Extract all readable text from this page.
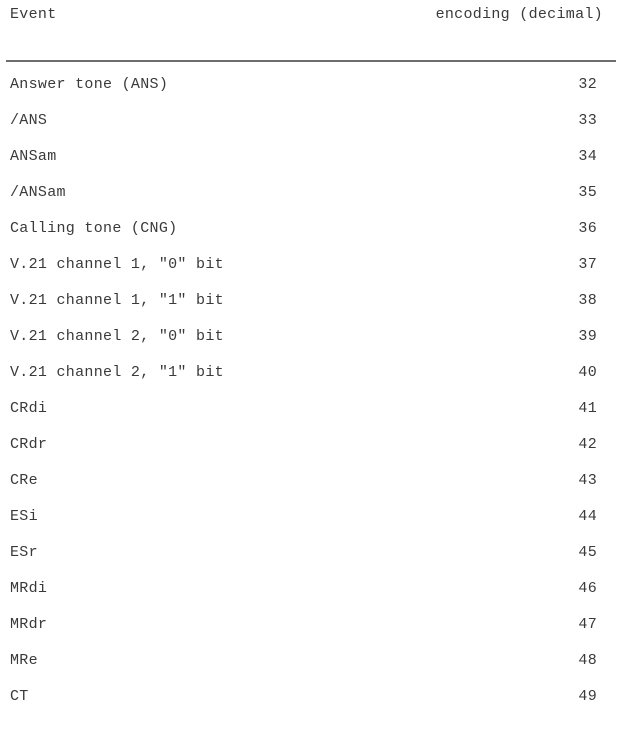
Event	encoding (decimal)
Answer tone (ANS)	32
/ANS	33
ANSam	34
/ANSam	35
Calling tone (CNG)	36
V.21 channel 1, "0" bit	37
V.21 channel 1, "1" bit	38
V.21 channel 2, "0" bit	39
V.21 channel 2, "1" bit	40
CRdi	41
CRdr	42
CRe	43
ESi	44
ESr	45
MRdi	46
MRdr	47
MRe	48
CT	49
